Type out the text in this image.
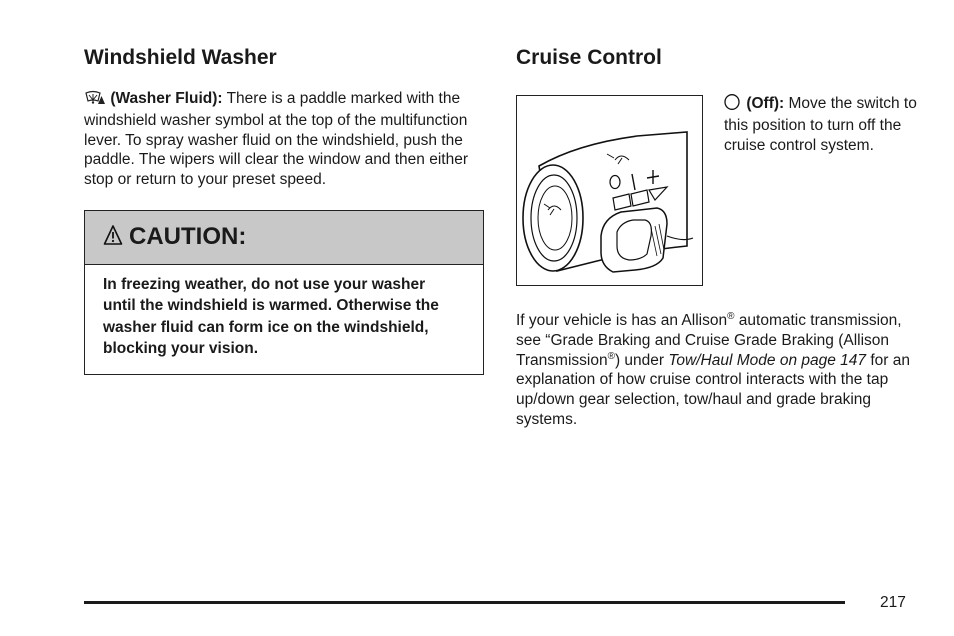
Windshield Washer

(Washer Fluid): There is a paddle marked with the windshield washer symbol at the top of the multifunction lever. To spray washer fluid on the windshield, push the paddle. The wipers will clear the window and then either stop or return to your preset speed.

CAUTION:
In freezing weather, do not use your washer until the windshield is warmed. Otherwise the washer fluid can form ice on the windshield, blocking your vision.
Cruise Control

(Off): Move the switch to this position to turn off the cruise control system.

If your vehicle is has an Allison® automatic transmission, see “Grade Braking and Cruise Grade Braking (Allison Transmission®) under Tow/Haul Mode on page 147 for an explanation of how cruise control interacts with the tap up/down gear selection, tow/haul and grade braking systems.

217
